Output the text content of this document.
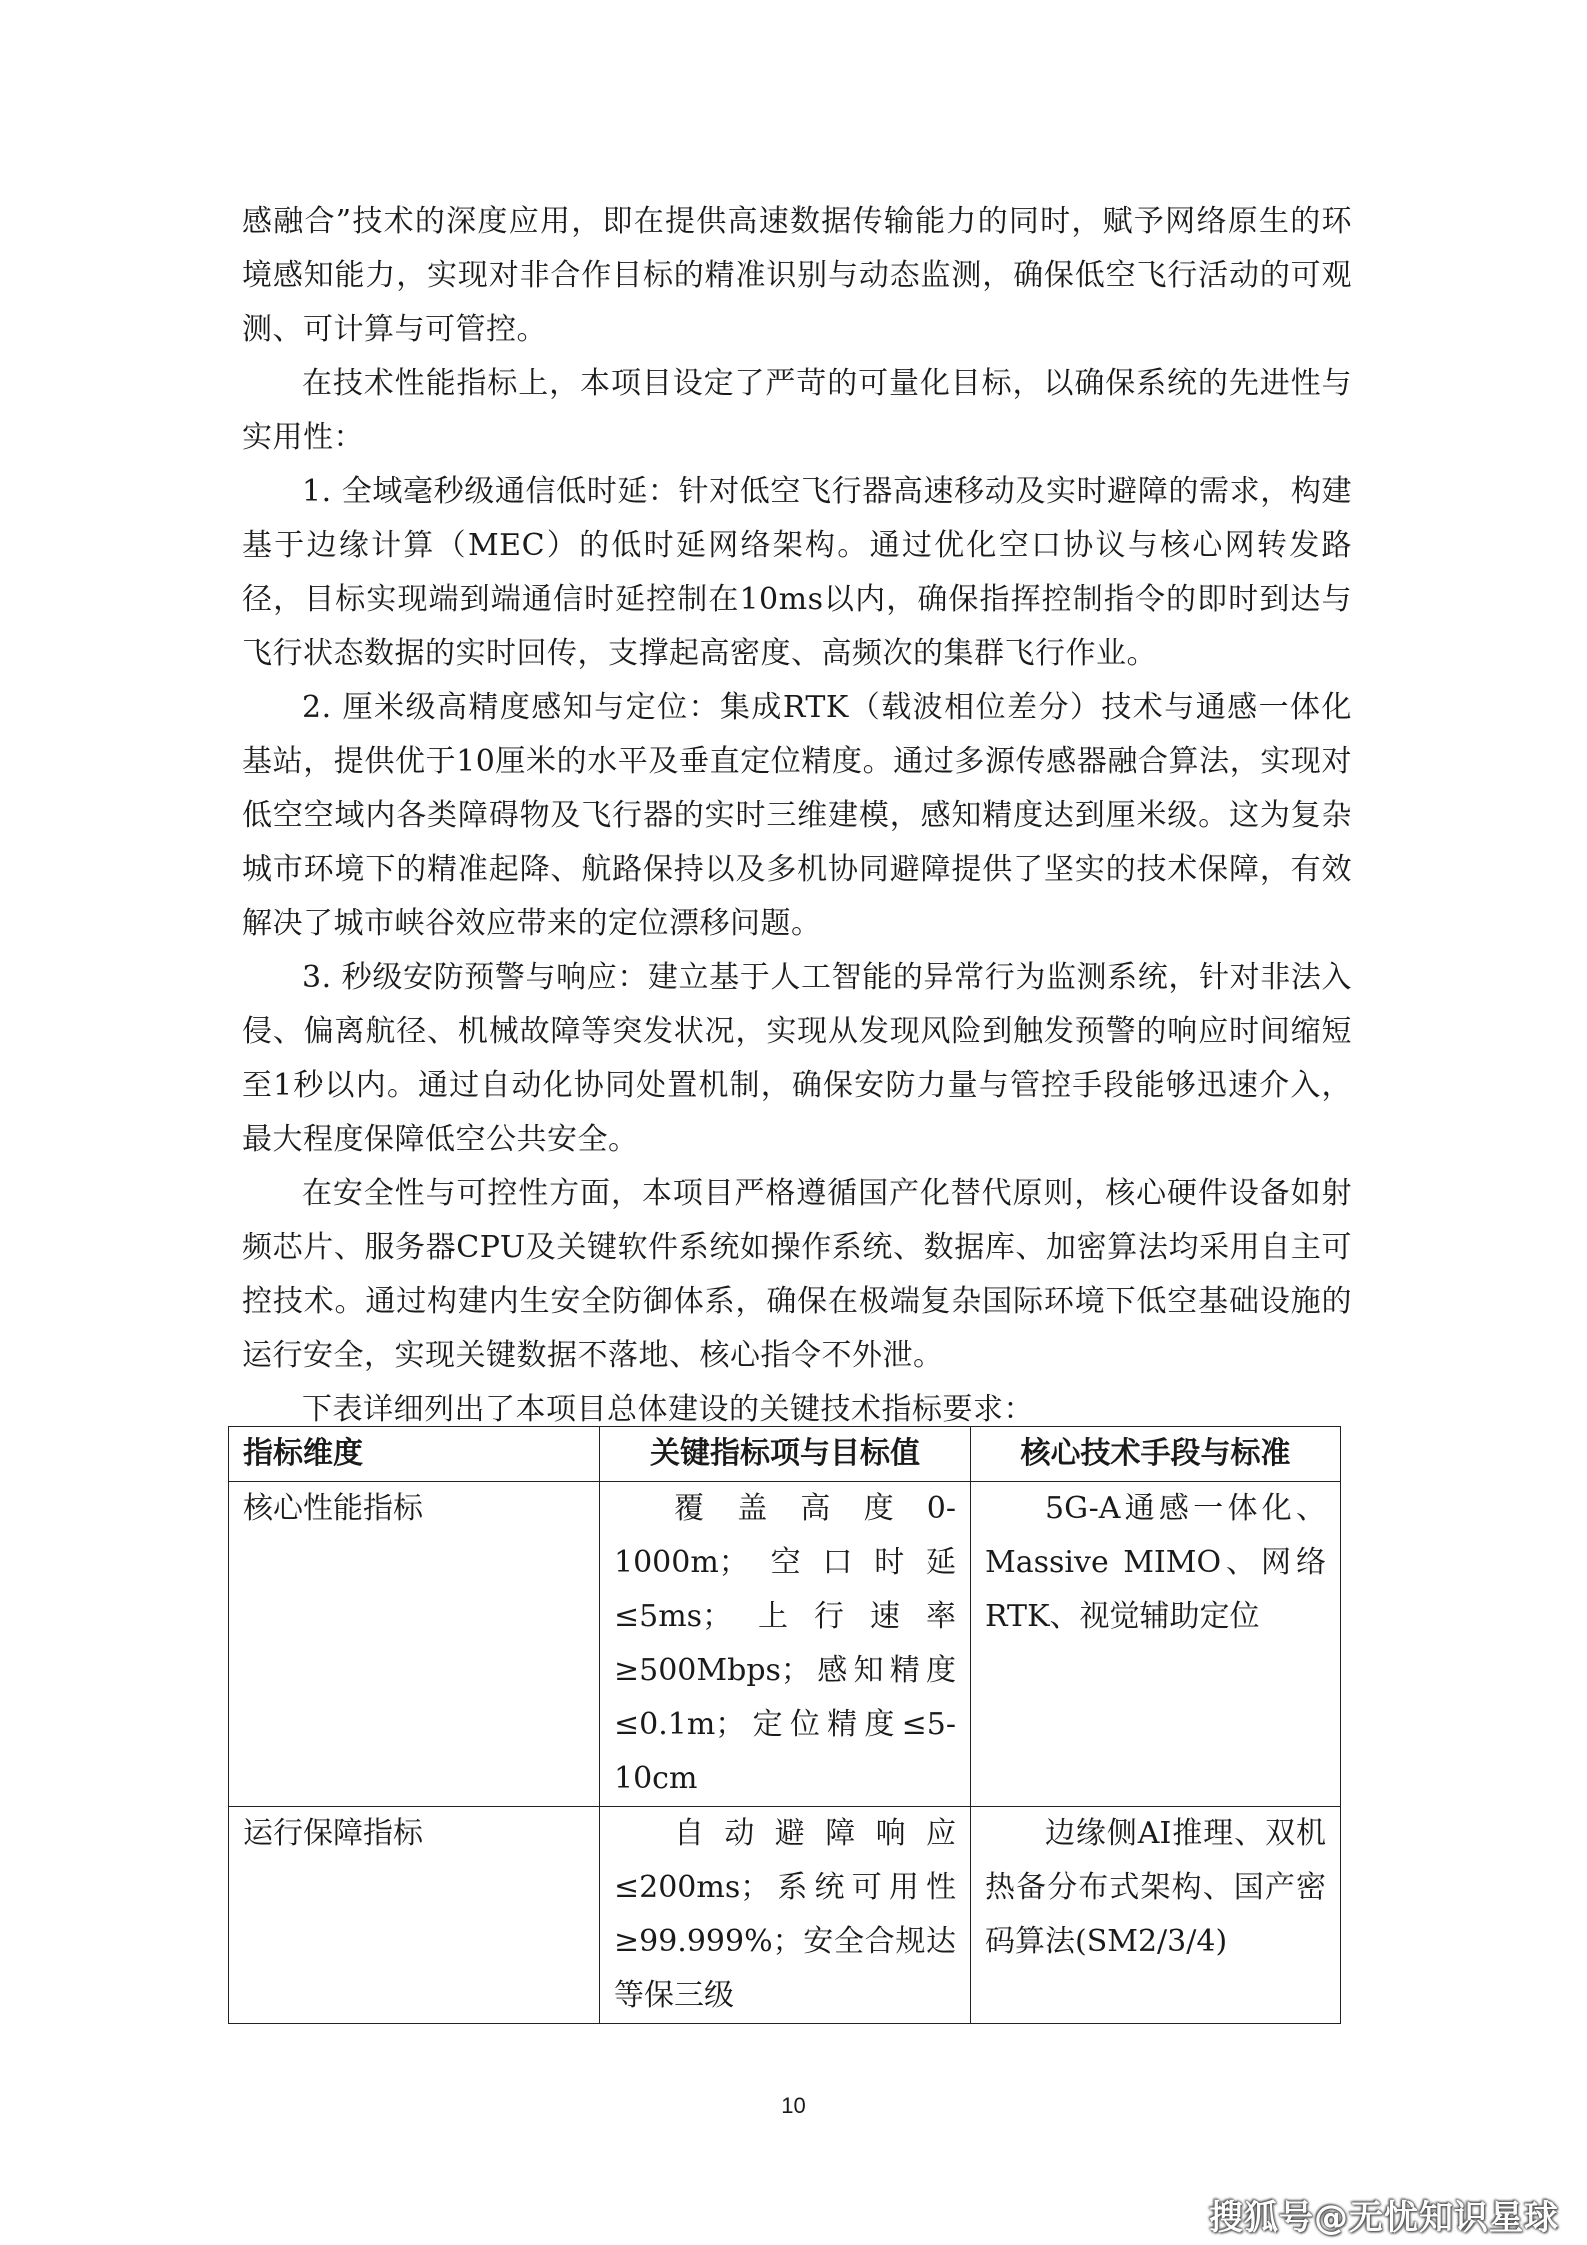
感融合”技术的深度应用，即在提供高速数据传输能力的同时，赋予网络原生的环境感知能力，实现对非合作目标的精准识别与动态监测，确保低空飞行活动的可观测、可计算与可管控。

在技术性能指标上，本项目设定了严苛的可量化目标，以确保系统的先进性与实用性：

1. 全域毫秒级通信低时延：针对低空飞行器高速移动及实时避障的需求，构建基于边缘计算（MEC）的低时延网络架构。通过优化空口协议与核心网转发路径，目标实现端到端通信时延控制在10ms以内，确保指挥控制指令的即时到达与飞行状态数据的实时回传，支撑起高密度、高频次的集群飞行作业。

2. 厘米级高精度感知与定位：集成RTK（载波相位差分）技术与通感一体化基站，提供优于10厘米的水平及垂直定位精度。通过多源传感器融合算法，实现对低空空域内各类障碍物及飞行器的实时三维建模，感知精度达到厘米级。这为复杂城市环境下的精准起降、航路保持以及多机协同避障提供了坚实的技术保障，有效解决了城市峡谷效应带来的定位漂移问题。

3. 秒级安防预警与响应：建立基于人工智能的异常行为监测系统，针对非法入侵、偏离航径、机械故障等突发状况，实现从发现风险到触发预警的响应时间缩短至1秒以内。通过自动化协同处置机制，确保安防力量与管控手段能够迅速介入，最大程度保障低空公共安全。

在安全性与可控性方面，本项目严格遵循国产化替代原则，核心硬件设备如射频芯片、服务器CPU及关键软件系统如操作系统、数据库、加密算法均采用自主可控技术。通过构建内生安全防御体系，确保在极端复杂国际环境下低空基础设施的运行安全，实现关键数据不落地、核心指令不外泄。

下表详细列出了本项目总体建设的关键技术指标要求：

指标维度	关键指标项与目标值	核心技术手段与标准
核心性能指标	覆盖高度0-1000m；空口时延≤5ms；上行速率≥500Mbps；感知精度≤0.1m；定位精度≤5-10cm	5G-A通感一体化、Massive MIMO、网络RTK、视觉辅助定位
运行保障指标	自动避障响应≤200ms；系统可用性≥99.999%；安全合规达等保三级	边缘侧AI推理、双机热备分布式架构、国产密码算法(SM2/3/4)
10
搜狐号@无忧知识星球
